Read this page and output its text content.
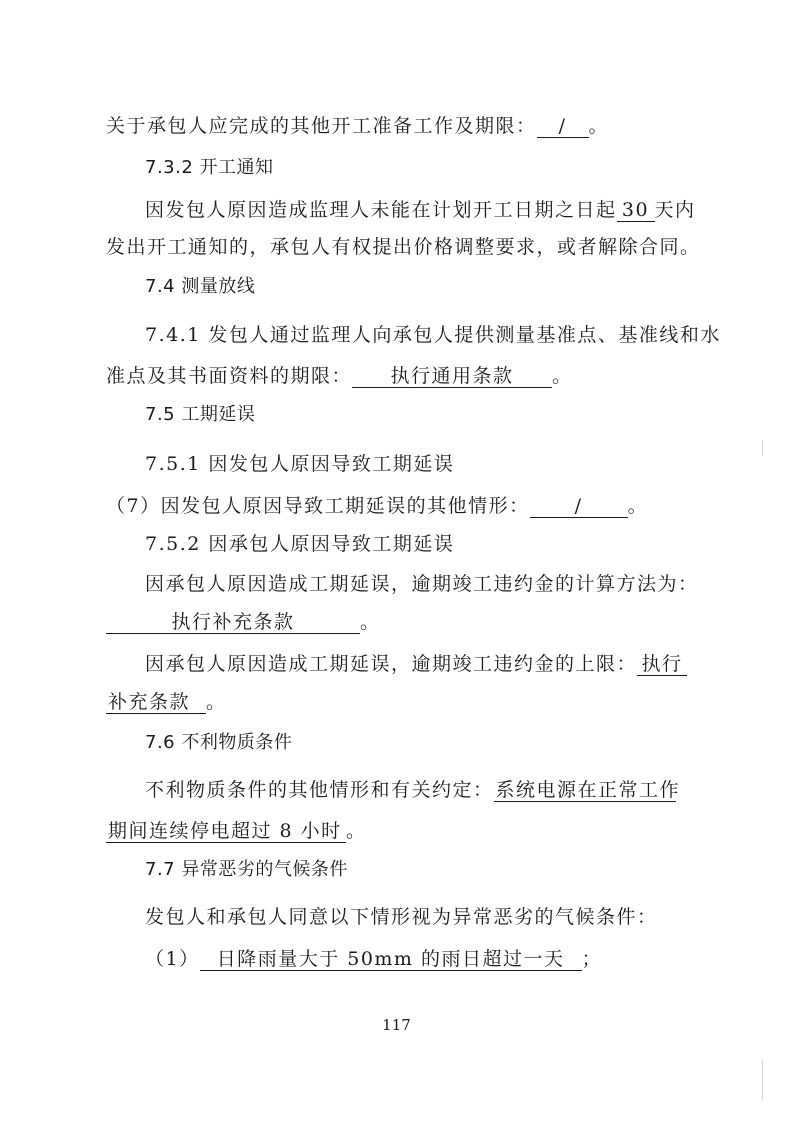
关于承包人应完成的其他开工准备工作及期限： / 。
7.3.2 开工通知
因发包人原因造成监理人未能在计划开工日期之日起 30 天内
发出开工通知的，承包人有权提出价格调整要求，或者解除合同。
7.4 测量放线
7.4.1 发包人通过监理人向承包人提供测量基准点、基准线和水
准点及其书面资料的期限： 执行通用条款 。
7.5 工期延误
7.5.1 因发包人原因导致工期延误
（7）因发包人原因导致工期延误的其他情形： / 。
7.5.2 因承包人原因导致工期延误
因承包人原因造成工期延误，逾期竣工违约金的计算方法为：
执行补充条款	。
因承包人原因造成工期延误，逾期竣工违约金的上限： 执行
补充条款 。
7.6 不利物质条件
不利物质条件的其他情形和有关约定： 系统电源在正常工作
期间连续停电超过 8 小时 。
7.7 异常恶劣的气候条件
发包人和承包人同意以下情形视为异常恶劣的气候条件：
（1） 日降雨量大于 50mm 的雨日超过一天 ；
117
